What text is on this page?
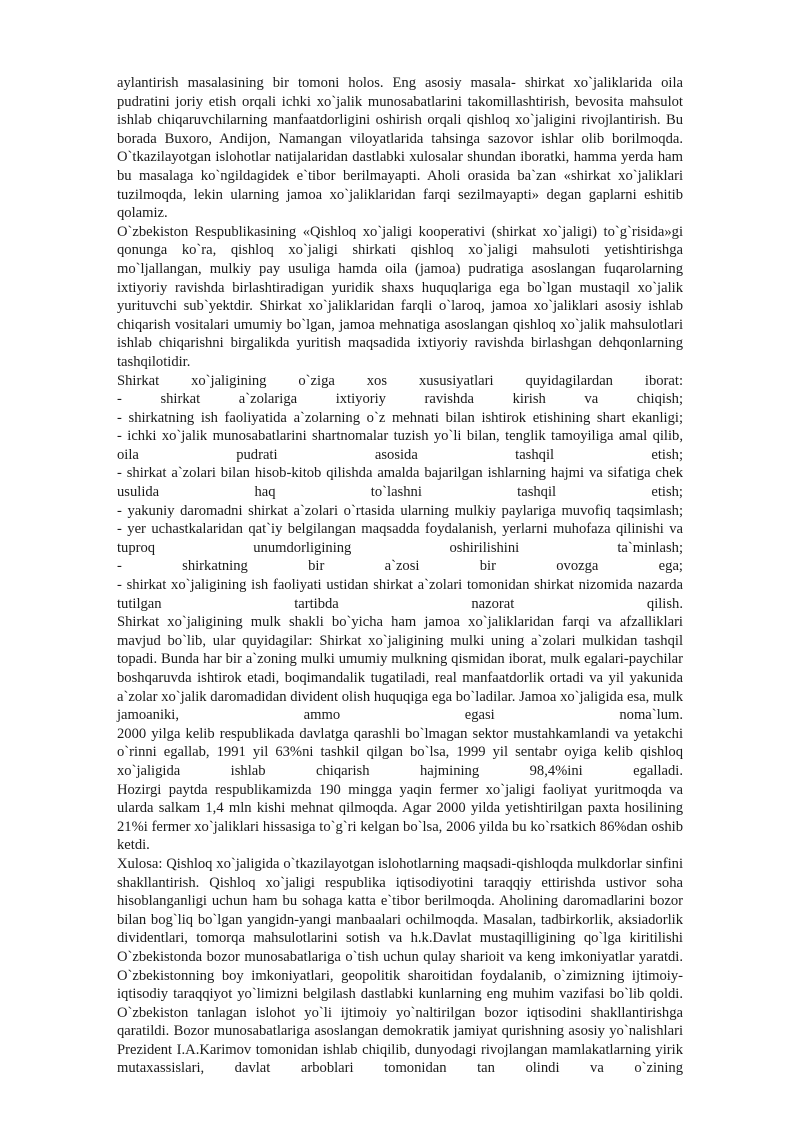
aylantirish masalasining bir tomoni holos. Eng asosiy masala- shirkat xo`jaliklarida oila pudratini joriy etish orqali ichki xo`jalik munosabatlarini takomillashtirish, bevosita mahsulot ishlab chiqaruvchilarning manfaatdorligini oshirish orqali qishloq xo`jaligini rivojlantirish. Bu borada Buxoro, Andijon, Namangan viloyatlarida tahsinga sazovor ishlar olib borilmoqda. O`tkazilayotgan islohotlar natijalaridan dastlabki xulosalar shundan iboratki, hamma yerda ham bu masalaga ko`ngildagidek e`tibor berilmayapti. Aholi orasida ba`zan «shirkat xo`jaliklari tuzilmoqda, lekin ularning jamoa xo`jaliklaridan farqi sezilmayapti» degan gaplarni eshitib qolamiz.

O`zbekiston Respublikasining «Qishloq xo`jaligi kooperativi (shirkat xo`jaligi) to`g`risida»gi qonunga ko`ra, qishloq xo`jaligi shirkati qishloq xo`jaligi mahsuloti yetishtirishga mo`ljallangan, mulkiy pay usuliga hamda oila (jamoa) pudratiga asoslangan fuqarolarning ixtiyoriy ravishda birlashtiradigan yuridik shaxs huquqlariga ega bo`lgan mustaqil xo`jalik yurituvchi sub`yektdir. Shirkat xo`jaliklaridan farqli o`laroq, jamoa xo`jaliklari asosiy ishlab chiqarish vositalari umumiy bo`lgan, jamoa mehnatiga asoslangan qishloq xo`jalik mahsulotlari ishlab chiqarishni birgalikda yuritish maqsadida ixtiyoriy ravishda birlashgan dehqonlarning tashqilotidir.

Shirkat xo`jaligining o`ziga xos xususiyatlari quyidagilardan iborat:

- shirkat a`zolariga ixtiyoriy ravishda kirish va chiqish;

- shirkatning ish faoliyatida a`zolarning o`z mehnati bilan ishtirok etishining shart ekanligi;

- ichki xo`jalik munosabatlarini shartnomalar tuzish yo`li bilan, tenglik tamoyiliga amal qilib, oila pudrati asosida tashqil etish;

- shirkat a`zolari bilan hisob-kitob qilishda amalda bajarilgan ishlarning hajmi va sifatiga chek usulida haq to`lashni tashqil etish;

- yakuniy daromadni shirkat a`zolari o`rtasida ularning mulkiy paylariga muvofiq taqsimlash;

- yer uchastkalaridan qat`iy belgilangan maqsadda foydalanish, yerlarni muhofaza qilinishi va tuproq unumdorligining oshirilishini ta`minlash;

- shirkatning bir a`zosi bir ovozga ega;

- shirkat xo`jaligining ish faoliyati ustidan shirkat a`zolari tomonidan shirkat nizomida nazarda tutilgan tartibda nazorat qilish.

Shirkat xo`jaligining mulk shakli bo`yicha ham jamoa xo`jaliklaridan farqi va afzalliklari mavjud bo`lib, ular quyidagilar: Shirkat xo`jaligining mulki uning a`zolari mulkidan tashqil topadi. Bunda har bir a`zoning mulki umumiy mulkning qismidan iborat, mulk egalari-paychilar boshqaruvda ishtirok etadi, boqimandalik tugatiladi, real manfaatdorlik ortadi va yil yakunida a`zolar xo`jalik daromadidan divident olish huquqiga ega bo`ladilar. Jamoa xo`jaligida esa, mulk jamoaniki, ammo egasi noma`lum.

2000 yilga kelib respublikada davlatga qarashli bo`lmagan sektor mustahkamlandi va yetakchi o`rinni egallab, 1991 yil 63%ni tashkil qilgan bo`lsa, 1999 yil sentabr oyiga kelib qishloq xo`jaligida ishlab chiqarish hajmining 98,4%ini egalladi.

Hozirgi paytda respublikamizda 190 mingga yaqin fermer xo`jaligi faoliyat yuritmoqda va ularda salkam 1,4 mln kishi mehnat qilmoqda. Agar 2000 yilda yetishtirilgan paxta hosilining 21%i fermer xo`jaliklari hissasiga to`g`ri kelgan bo`lsa, 2006 yilda bu ko`rsatkich 86%dan oshib ketdi.

Xulosa: Qishloq xo`jaligida o`tkazilayotgan islohotlarning maqsadi-qishloqda mulkdorlar sinfini shakllantirish. Qishloq xo`jaligi respublika iqtisodiyotini taraqqiy ettirishda ustivor soha hisoblanganligi uchun ham bu sohaga katta e`tibor berilmoqda. Aholining daromadlarini bozor bilan bog`liq bo`lgan yangidn-yangi manbaalari ochilmoqda. Masalan, tadbirkorlik, aksiadorlik dividentlari, tomorqa mahsulotlarini sotish va h.k.Davlat mustaqilligining qo`lga kiritilishi O`zbekistonda bozor munosabatlariga o`tish uchun qulay sharioit va keng imkoniyatlar yaratdi. O`zbekistonning boy imkoniyatlari, geopolitik sharoitidan foydalanib, o`zimizning ijtimoiy-iqtisodiy taraqqiyot yo`limizni belgilash dastlabki kunlarning eng muhim vazifasi bo`lib qoldi. O`zbekiston tanlagan islohot yo`li ijtimoiy yo`naltirilgan bozor iqtisodini shakllantirishga qaratildi. Bozor munosabatlariga asoslangan demokratik jamiyat qurishning asosiy yo`nalishlari Prezident I.A.Karimov tomonidan ishlab chiqilib, dunyodagi rivojlangan mamlakatlarning yirik mutaxassislari, davlat arboblari tomonidan tan olindi va o`zining
